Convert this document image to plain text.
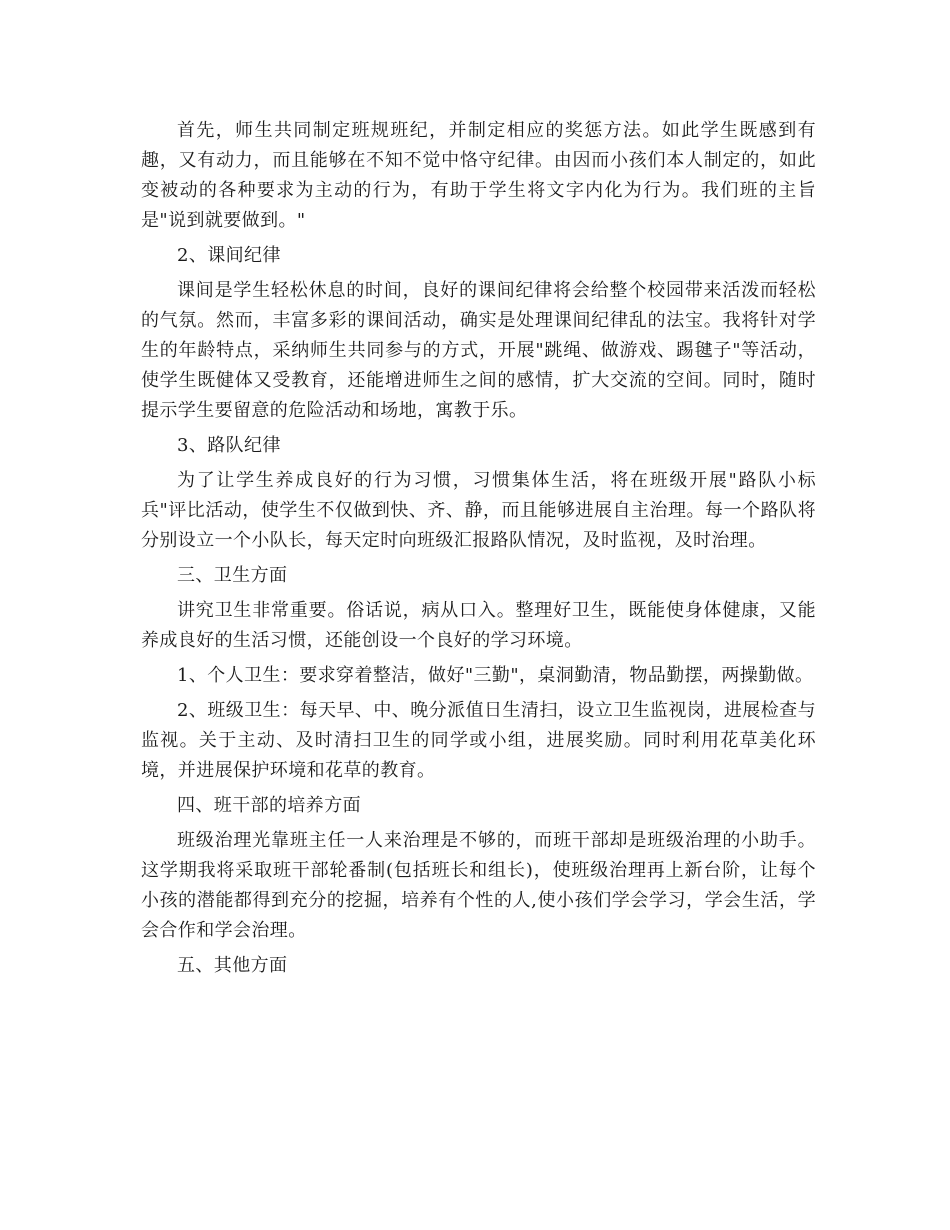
首先，师生共同制定班规班纪，并制定相应的奖惩方法。如此学生既感到有趣，又有动力，而且能够在不知不觉中恪守纪律。由因而小孩们本人制定的，如此变被动的各种要求为主动的行为，有助于学生将文字内化为行为。我们班的主旨是"说到就要做到。"

2、课间纪律

课间是学生轻松休息的时间，良好的课间纪律将会给整个校园带来活泼而轻松的气氛。然而，丰富多彩的课间活动，确实是处理课间纪律乱的法宝。我将针对学生的年龄特点，采纳师生共同参与的方式，开展"跳绳、做游戏、踢毽子"等活动，使学生既健体又受教育，还能增进师生之间的感情，扩大交流的空间。同时，随时提示学生要留意的危险活动和场地，寓教于乐。

3、路队纪律

为了让学生养成良好的行为习惯，习惯集体生活，将在班级开展"路队小标兵"评比活动，使学生不仅做到快、齐、静，而且能够进展自主治理。每一个路队将分别设立一个小队长，每天定时向班级汇报路队情况，及时监视，及时治理。

三、卫生方面

讲究卫生非常重要。俗话说，病从口入。整理好卫生，既能使身体健康，又能养成良好的生活习惯，还能创设一个良好的学习环境。

1、个人卫生：要求穿着整洁，做好"三勤"，桌洞勤清，物品勤摆，两操勤做。

2、班级卫生：每天早、中、晚分派值日生清扫，设立卫生监视岗，进展检查与监视。关于主动、及时清扫卫生的同学或小组，进展奖励。同时利用花草美化环境，并进展保护环境和花草的教育。

四、班干部的培养方面

班级治理光靠班主任一人来治理是不够的，而班干部却是班级治理的小助手。这学期我将采取班干部轮番制(包括班长和组长)，使班级治理再上新台阶，让每个小孩的潜能都得到充分的挖掘，培养有个性的人,使小孩们学会学习，学会生活，学会合作和学会治理。

五、其他方面
